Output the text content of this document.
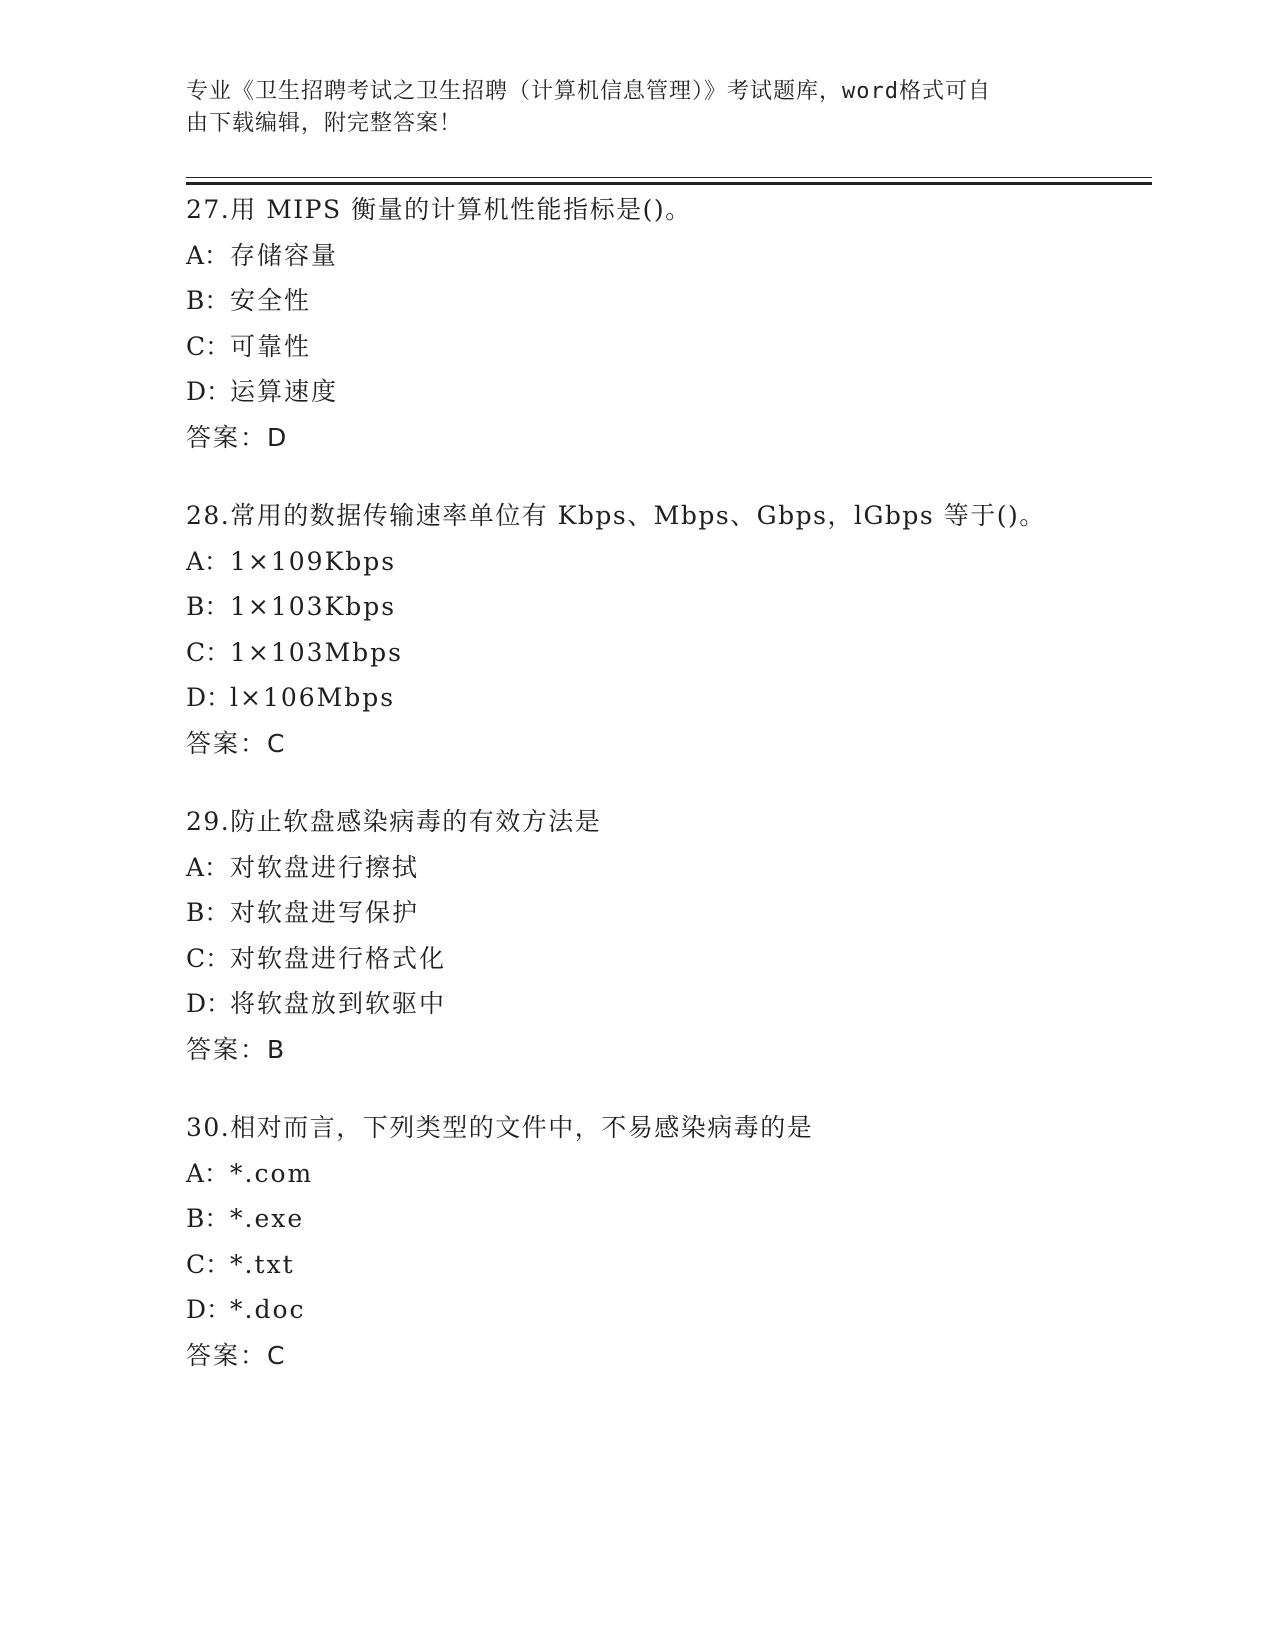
专业《卫生招聘考试之卫生招聘（计算机信息管理）》考试题库，word格式可自
由下载编辑，附完整答案！
27.用 MIPS 衡量的计算机性能指标是()。
A：存储容量
B：安全性
C：可靠性
D：运算速度
答案：D
28.常用的数据传输速率单位有 Kbps、Mbps、Gbps，lGbps 等于()。
A：1×109Kbps
B：1×103Kbps
C：1×103Mbps
D：l×106Mbps
答案：C
29.防止软盘感染病毒的有效方法是
A：对软盘进行擦拭
B：对软盘进写保护
C：对软盘进行格式化
D：将软盘放到软驱中
答案：B
30.相对而言，下列类型的文件中，不易感染病毒的是
A：*.com
B：*.exe
C：*.txt
D：*.doc
答案：C
